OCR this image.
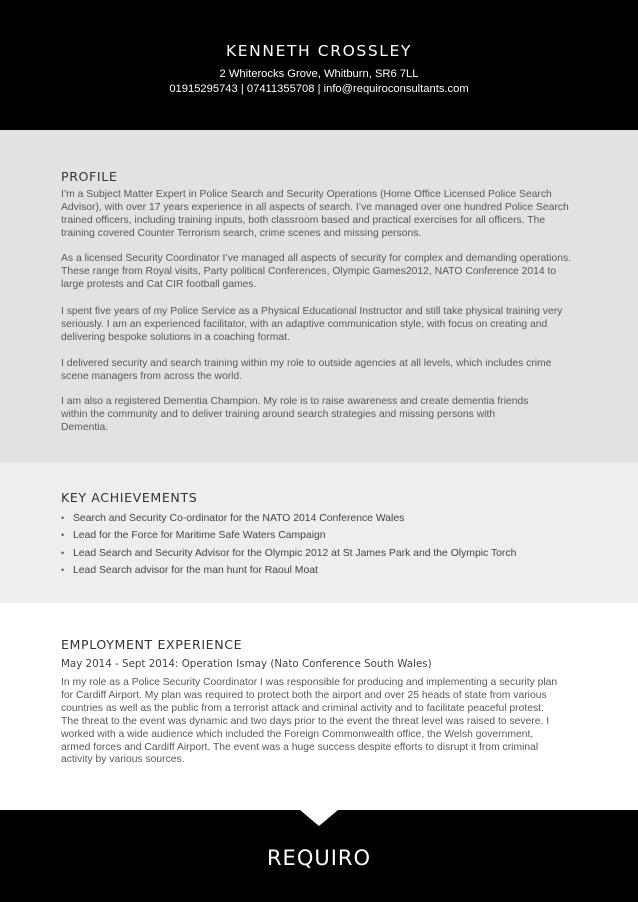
KENNETH CROSSLEY
2 Whiterocks Grove, Whitburn, SR6 7LL
01915295743 | 07411355708 | info@requiroconsultants.com
PROFILE
I’m a Subject Matter Expert in Police Search and Security Operations (Home Office Licensed Police Search Advisor), with over 17 years experience in all aspects of search. I’ve managed over one hundred Police Search trained officers, including training inputs, both classroom based and practical exercises for all officers. The training covered Counter Terrorism search, crime scenes and missing persons.
As a licensed Security Coordinator I’ve managed all aspects of security for complex and demanding operations. These range from Royal visits, Party political Conferences, Olympic Games2012, NATO Conference 2014 to large protests and Cat CIR football games.
I spent five years of my Police Service as a Physical Educational Instructor and still take physical training very seriously. I am an experienced facilitator, with an adaptive communication style, with focus on creating and delivering bespoke solutions in a coaching format.
I delivered security and search training within my role to outside agencies at all levels, which includes crime scene managers from across the world.
I am also a registered Dementia Champion. My role is to raise awareness and create dementia friends within the community and to deliver training around search strategies and missing persons with Dementia.
KEY ACHIEVEMENTS
• Search and Security Co-ordinator for the NATO 2014 Conference Wales
• Lead for the Force for Maritime Safe Waters Campaign
• Lead Search and Security Advisor for the Olympic 2012 at St James Park and the Olympic Torch
• Lead Search advisor for the man hunt for Raoul Moat
EMPLOYMENT EXPERIENCE
May 2014 - Sept 2014: Operation Ismay (Nato Conference South Wales)
In my role as a Police Security Coordinator I was responsible for producing and implementing a security plan for Cardiff Airport. My plan was required to protect both the airport and over 25 heads of state from various countries as well as the public from a terrorist attack and criminal activity and to facilitate peaceful protest. The threat to the event was dynamic and two days prior to the event the threat level was raised to severe. I worked with a wide audience which included the Foreign Commonwealth office, the Welsh government, armed forces and Cardiff Airport. The event was a huge success despite efforts to disrupt it from criminal activity by various sources.
REQUIRO
